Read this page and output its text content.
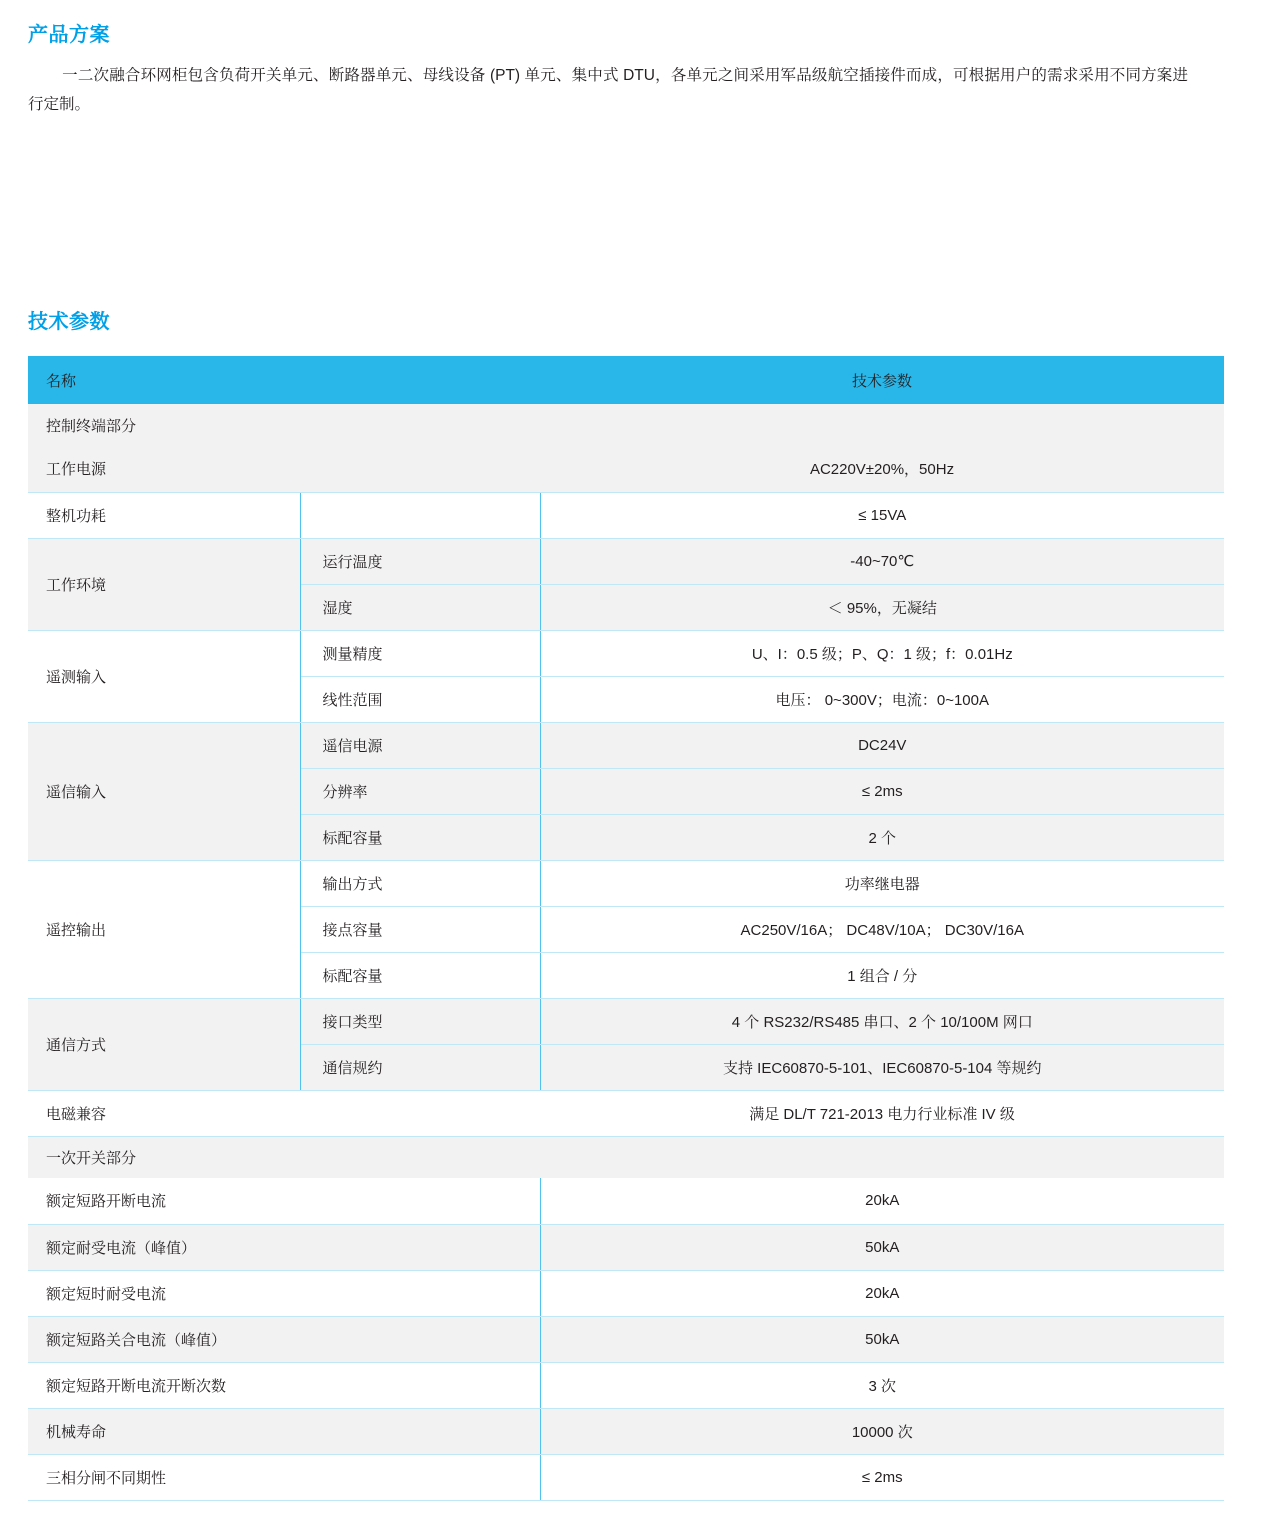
产品方案

一二次融合环网柜包含负荷开关单元、断路器单元、母线设备 (PT) 单元、集中式 DTU，各单元之间采用军品级航空插接件而成，可根据用户的需求采用不同方案进行定制。

技术参数
名称		技术参数
控制终端部分		
工作电源		AC220V±20%，50Hz
整机功耗		≤ 15VA
工作环境	运行温度	-40~70℃
	湿度	＜ 95%，无凝结
遥测输入	测量精度	U、I：0.5 级；P、Q：1 级；f：0.01Hz
	线性范围	电压： 0~300V；电流：0~100A
遥信输入	遥信电源	DC24V
	分辨率	≤ 2ms
	标配容量	2 个
遥控输出	输出方式	功率继电器
	接点容量	AC250V/16A； DC48V/10A； DC30V/16A
	标配容量	1 组合 / 分
通信方式	接口类型	4 个 RS232/RS485 串口、2 个 10/100M 网口
	通信规约	支持 IEC60870-5-101、IEC60870-5-104 等规约
电磁兼容		满足 DL/T 721-2013 电力行业标准 IV 级
一次开关部分		
额定短路开断电流		20kA
额定耐受电流（峰值）		50kA
额定短时耐受电流		20kA
额定短路关合电流（峰值）		50kA
额定短路开断电流开断次数		3 次
机械寿命		10000 次
三相分闸不同期性		≤ 2ms
